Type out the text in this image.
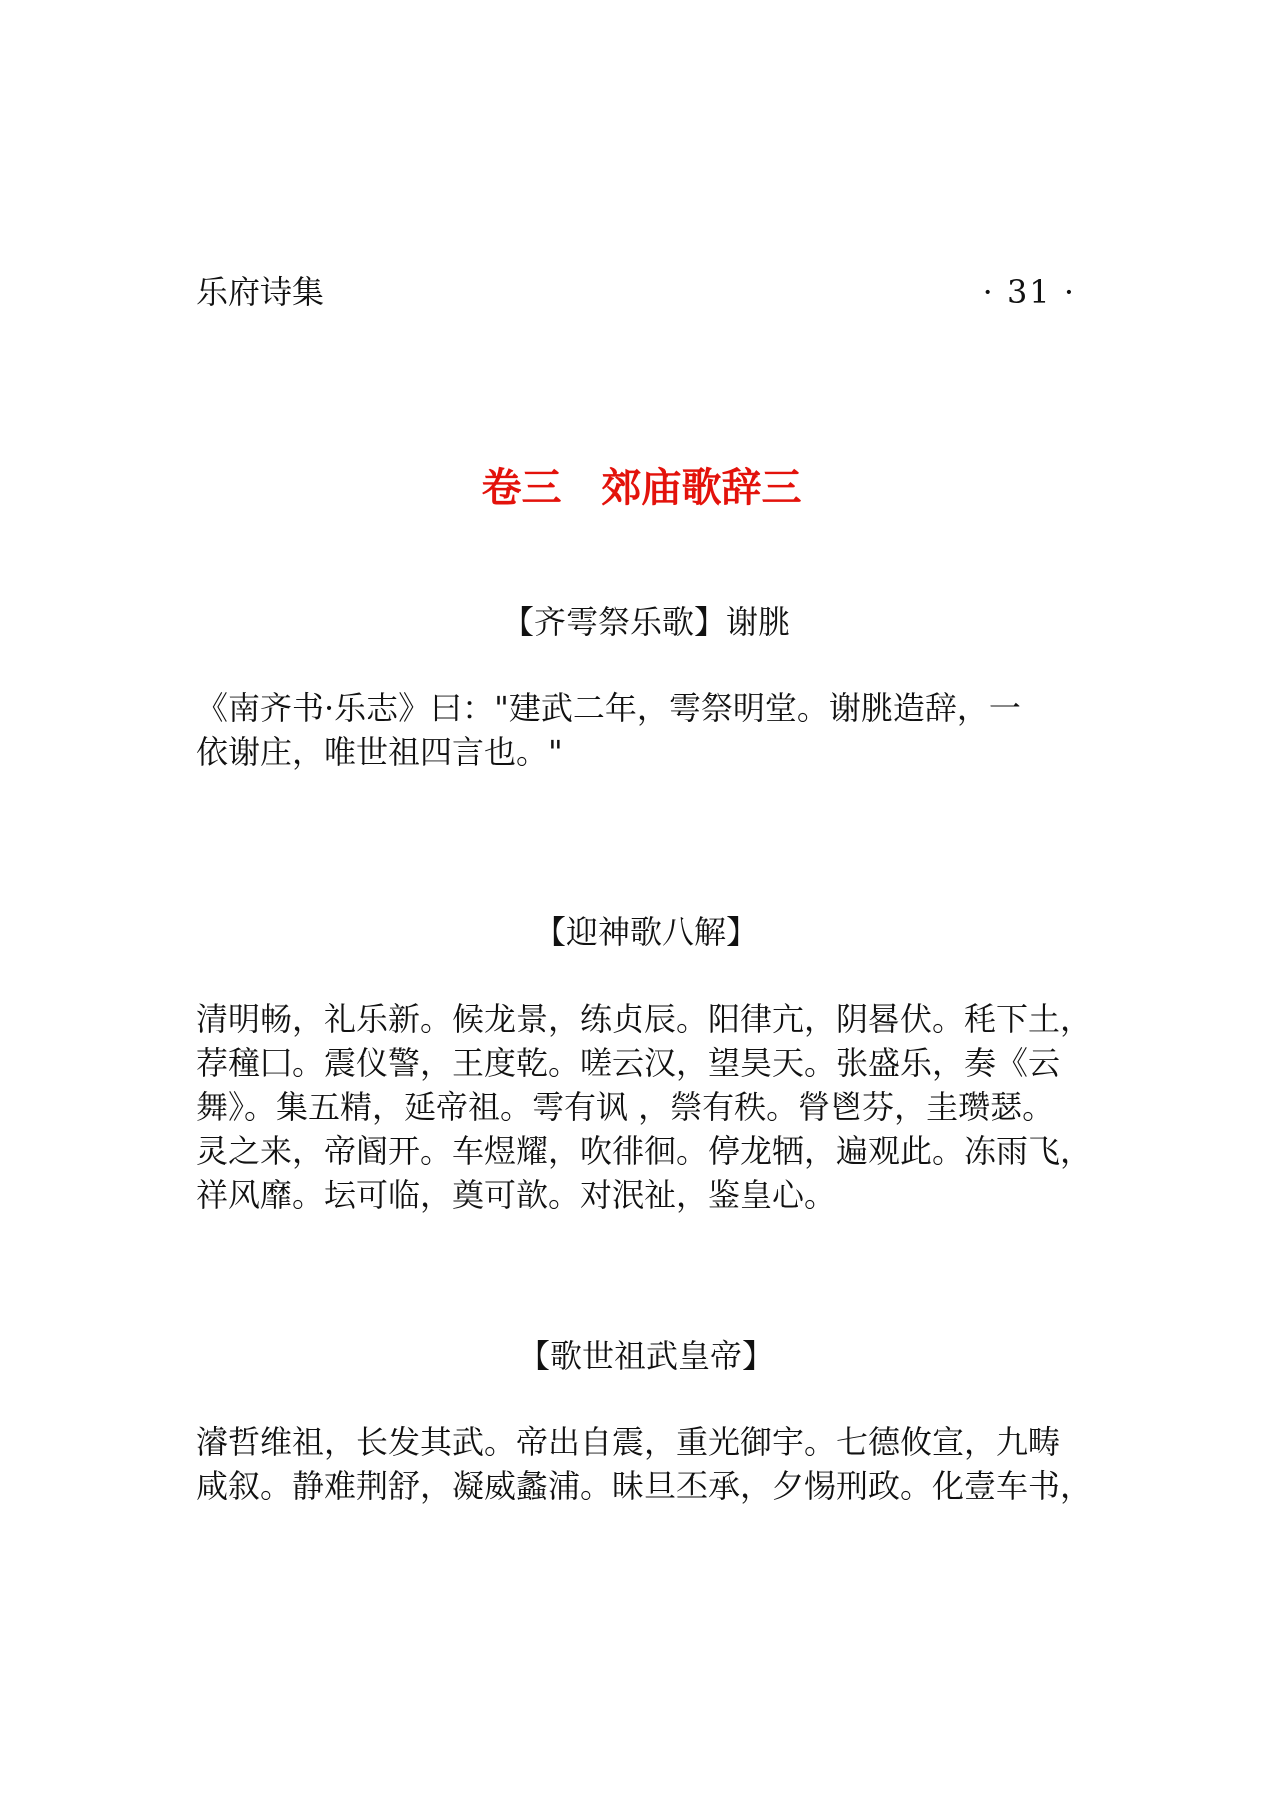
乐府诗集	· 31 ·
卷三　郊庙歌辞三
【齐雩祭乐歌】谢朓

《南齐书·乐志》曰："建武二年，雩祭明堂。谢朓造辞，一
依谢庄，唯世祖四言也。"

【迎神歌八解】

清明畅，礼乐新。候龙景，练贞辰。阳律亢，阴晷伏。秏下土，
荐穜囗。震仪警，王度乾。嗟云汉，望昊天。张盛乐，奏《云
舞》。集五精，延帝祖。雩有讽 ，禜有秩。膋鬯芬，圭瓒瑟。
灵之来，帝阍开。车煜耀，吹徘徊。停龙牺，遍观此。冻雨飞，
祥风靡。坛可临，奠可歆。对泯祉，鉴皇心。

【歌世祖武皇帝】

濬哲维祖，长发其武。帝出自震，重光御宇。七德攸宣，九畴
咸叙。静难荆舒，凝威蠡浦。昧旦丕承，夕惕刑政。化壹车书，
